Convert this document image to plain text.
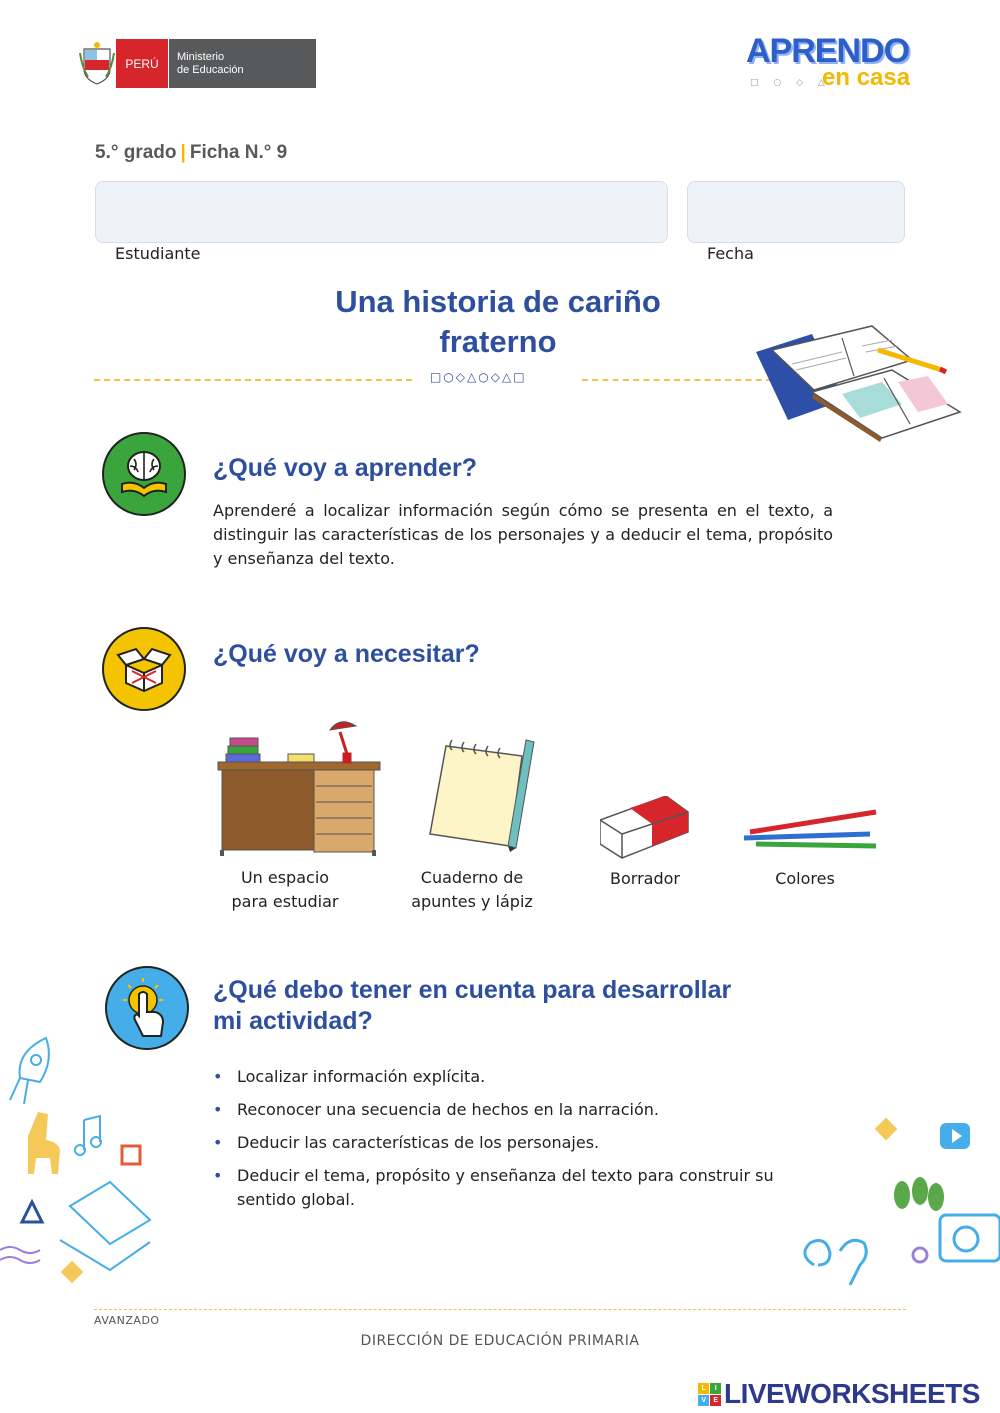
PERÚ	Ministerio
de Educación	APRENDO
□ ○ ◇ △
en casa
5.° grado | Ficha N.° 9
Estudiante	Fecha
Una historia de cariño
fraterno
□○◇△○◇△□
¿Qué voy a aprender?
Aprenderé a localizar información según cómo se presenta en el texto, a distinguir las características de los personajes y a deducir el tema, propósito y enseñanza del texto.
¿Qué voy a necesitar?
Un espacio
para estudiar
Cuaderno de
apuntes y lápiz
Borrador	Colores
¿Qué debo tener en cuenta para desarrollar
mi actividad?
• Localizar información explícita.
• Reconocer una secuencia de hechos en la narración.
• Deducir las características de los personajes.
• Deducir el tema, propósito y enseñanza del texto para construir su sentido global.
AVANZADO
DIRECCIÓN DE EDUCACIÓN PRIMARIA
L	I
V	E LIVEWORKSHEETS
